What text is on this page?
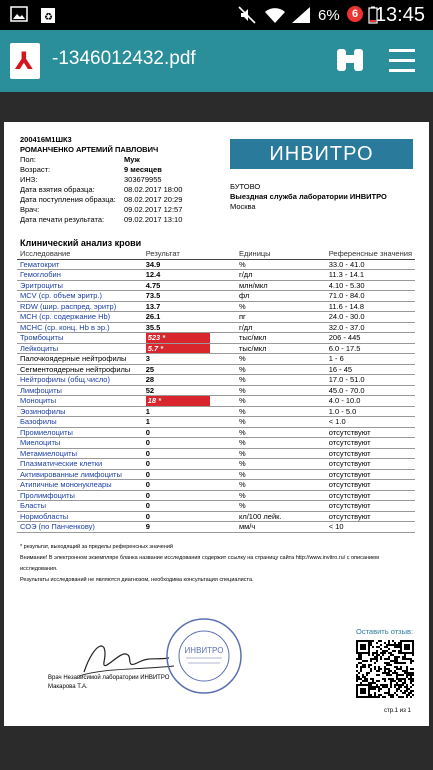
♻	6%	6 13:45
⅄ -1346012432.pdf
200416М1ШК3
РОМАНЧЕНКО АРТЕМИЙ ПАВЛОВИЧ
Пол:	Муж
Возраст:	9 месяцев
ИНЗ:	303679955
Дата взятия образца:	08.02.2017 18:00
Дата поступления образца: 08.02.2017 20:29
Врач:	09.02.2017 12:57
Дата печати результата:	09.02.2017 13:10
ИНВИТРО
БУТОВО
Выездная служба лаборатории ИНВИТРО
Москва
Клинический анализ крови
Исследование	Результат	Единицы	Референсные значения
Гематокрит	34.9	%	33.0 - 41.0
Гемоглобин	12.4	г/дл	11.3 - 14.1
Эритроциты	4.75	млн/мкл	4.10 - 5.30
MCV (ср. объем эритр.)	73.5	фл	71.0 - 84.0
RDW (шир. распред. эритр)	13.7	%	11.6 - 14.8
MCH (ср. содержание Hb)	26.1	пг	24.0 - 30.0
MCHC (ср. конц. Hb в эр.)	35.5	г/дл	32.0 - 37.0
Тромбоциты	523 *	тыс/мкл	206 - 445
Лейкоциты	5.7 *	тыс/мкл	6.0 - 17.5
Палочкоядерные нейтрофилы	3	%	1 - 6
Сегментоядерные нейтрофилы	25	%	16 - 45
Нейтрофилы (общ.число)	28	%	17.0 - 51.0
Лимфоциты	52	%	45.0 - 70.0
Моноциты	18 *	%	4.0 - 10.0
Эозинофилы	1	%	1.0 - 5.0
Базофилы	1	%	< 1.0
Промиелоциты	0	%	отсутствуют
Миелоциты	0	%	отсутствуют
Метамиелоциты	0	%	отсутствуют
Плазматические клетки	0	%	отсутствуют
Активированные лимфоциты	0	%	отсутствуют
Атипичные мононуклеары	0	%	отсутствуют
Пролимфоциты	0	%	отсутствуют
Бласты	0	%	отсутствуют
Нормобласты	0	кл/100 лейк.	отсутствуют
СОЭ (по Панченкову)	9	мм/ч	< 10
* результат, выходящий за пределы референсных значений
Внимание! В электронном экземпляре бланка название исследования содержит ссылку на страницу сайта http://www.invitro.ru/ с описанием исследования.
Результаты исследований не являются диагнозом, необходима консультация специалиста.
ИНВИТРО
Врач Независимой лаборатории ИНВИТРО
Макарова Т.А.
Оставить отзыв:
стр.1 из 1
